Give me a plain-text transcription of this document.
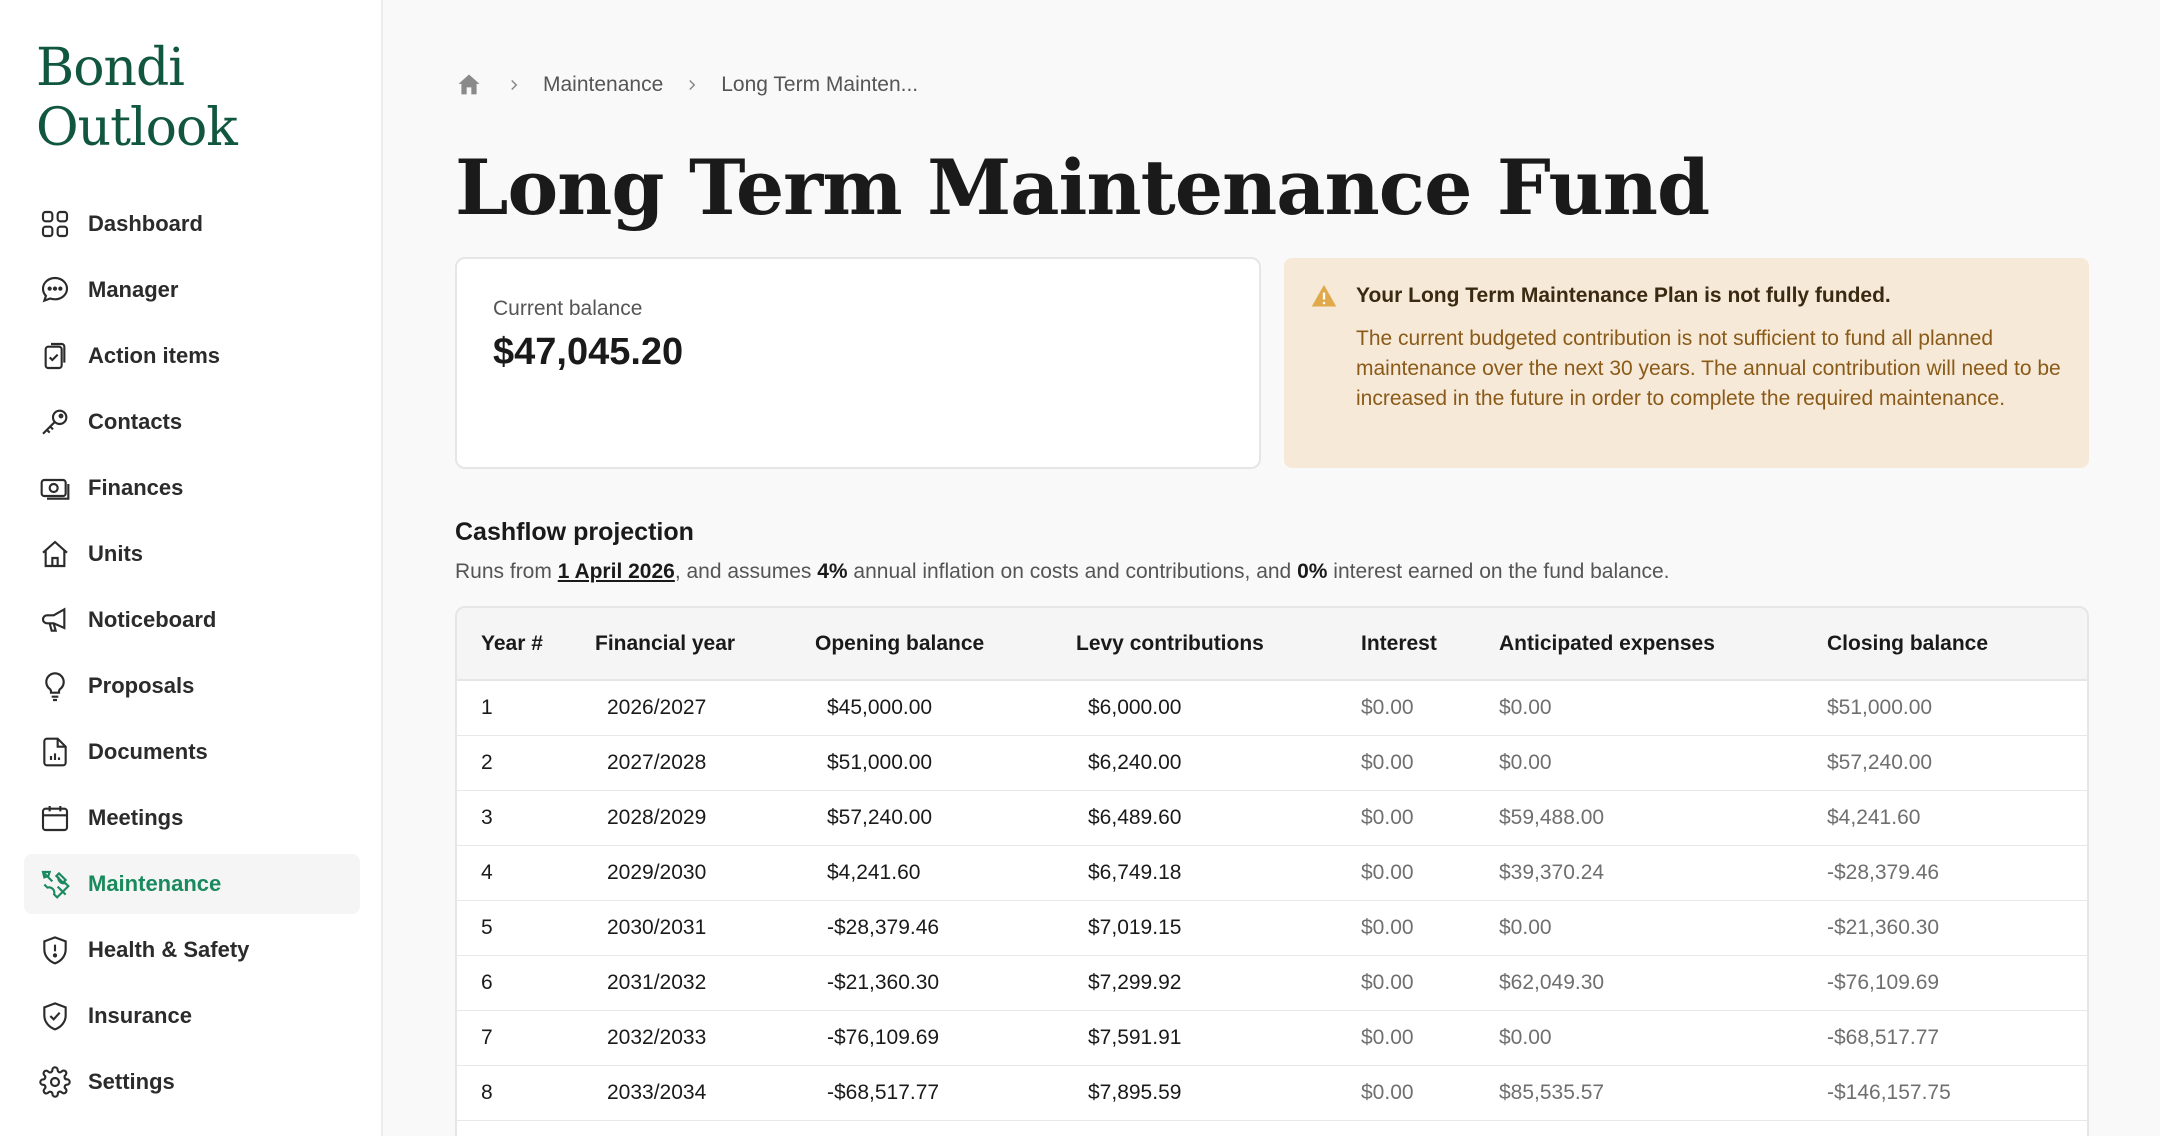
Bondi
Outlook
Dashboard
Manager
Action items
Contacts
Finances
Units
Noticeboard
Proposals
Documents
Meetings
Maintenance
Health & Safety
Insurance
Settings
Maintenance	Long Term Mainten...
Long Term Maintenance Fund
Current balance
$47,045.20
Your Long Term Maintenance Plan is not fully funded.
The current budgeted contribution is not sufficient to fund all planned maintenance over the next 30 years. The annual contribution will need to be increased in the future in order to complete the required maintenance.
Cashflow projection
Runs from 1 April 2026, and assumes 4% annual inflation on costs and contributions, and 0% interest earned on the fund balance.
Year #	Financial year	Opening balance	Levy contributions	Interest	Anticipated expenses	Closing balance
1	2026/2027	$45,000.00	$6,000.00	$0.00	$0.00	$51,000.00
2	2027/2028	$51,000.00	$6,240.00	$0.00	$0.00	$57,240.00
3	2028/2029	$57,240.00	$6,489.60	$0.00	$59,488.00	$4,241.60
4	2029/2030	$4,241.60	$6,749.18	$0.00	$39,370.24	-$28,379.46
5	2030/2031	-$28,379.46	$7,019.15	$0.00	$0.00	-$21,360.30
6	2031/2032	-$21,360.30	$7,299.92	$0.00	$62,049.30	-$76,109.69
7	2032/2033	-$76,109.69	$7,591.91	$0.00	$0.00	-$68,517.77
8	2033/2034	-$68,517.77	$7,895.59	$0.00	$85,535.57	-$146,157.75
